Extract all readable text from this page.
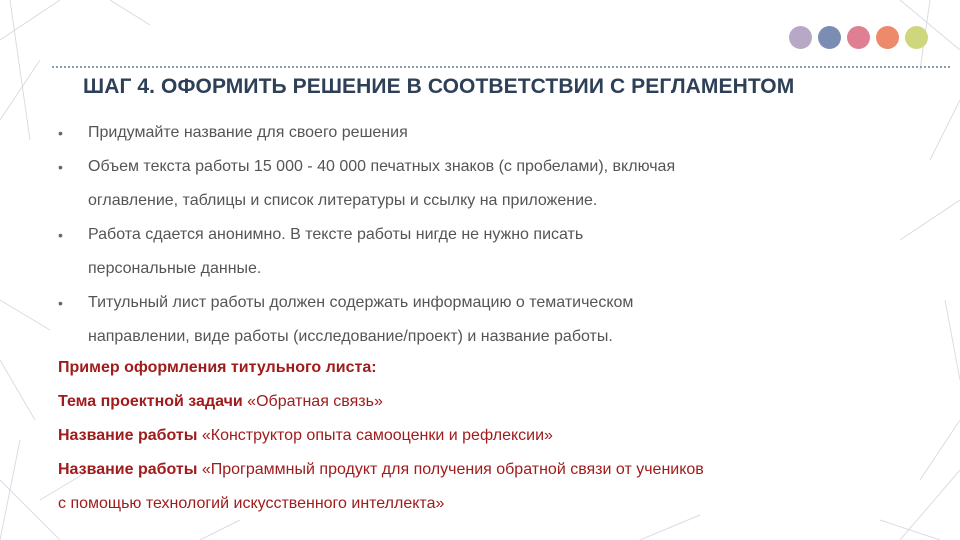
ШАГ 4. ОФОРМИТЬ РЕШЕНИЕ В СООТВЕТСТВИИ С РЕГЛАМЕНТОМ
• Придумайте название для своего решения
• Объем текста работы 15 000 - 40 000 печатных знаков (с пробелами), включая
оглавление, таблицы и список литературы и ссылку на приложение.
• Работа сдается анонимно. В тексте работы нигде не нужно писать
персональные данные.
• Титульный лист работы должен содержать информацию о тематическом
направлении, виде работы (исследование/проект) и название работы.
Пример оформления титульного листа:
Тема проектной задачи «Обратная связь»
Название работы «Конструктор опыта самооценки и рефлексии»
Название работы «Программный продукт для получения обратной связи от учеников
с помощью технологий искусственного интеллекта»
